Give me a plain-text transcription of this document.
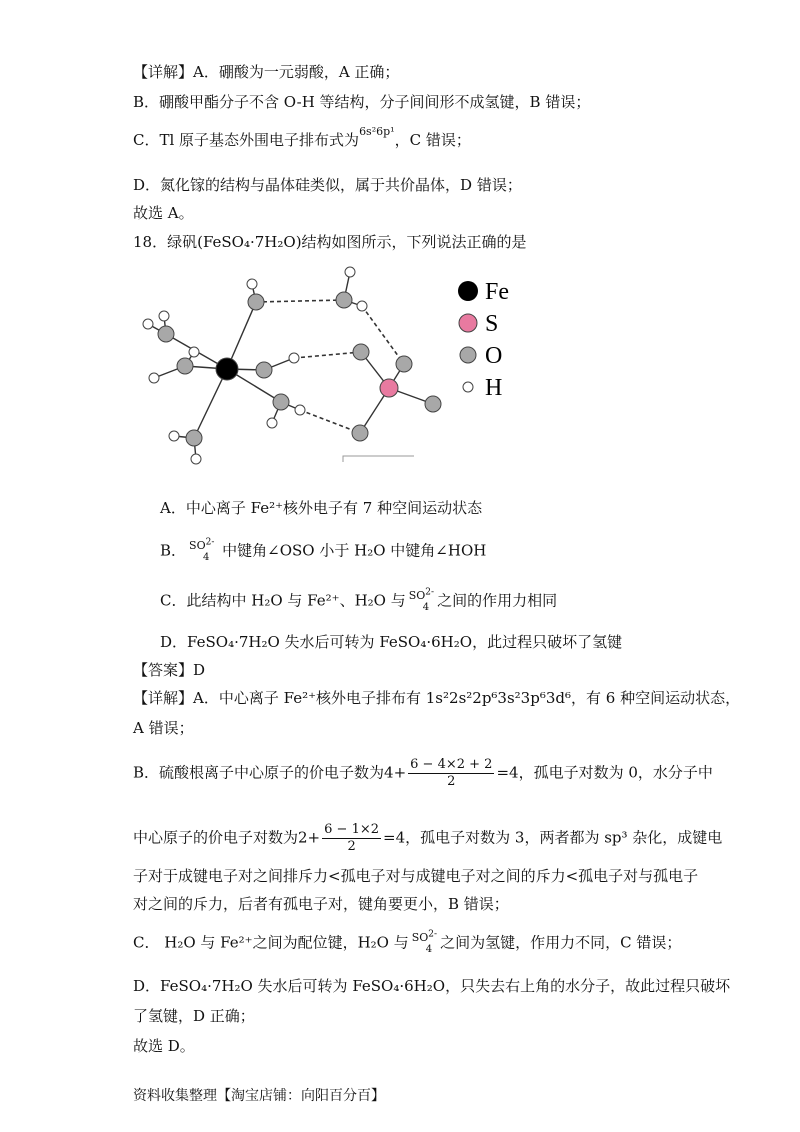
【详解】A．硼酸为一元弱酸，A 正确；
B．硼酸甲酯分子不含 O-H 等结构，分子间间形不成氢键，B 错误；
C．Tl 原子基态外围电子排布式为$^{6s^26p^1}$，C 错误；
D．氮化镓的结构与晶体硅类似，属于共价晶体，D 错误；
故选 A。
18．绿矾(FeSO₄·7H₂O)结构如图所示，下列说法正确的是
Fe
S
O
H
A．中心离子 Fe²⁺核外电子有 7 种空间运动状态
B． $SO^{2-}$
4 中键角∠OSO 小于 H₂O 中键角∠HOH
C．此结构中 H₂O 与 Fe²⁺、H₂O 与 $SO^{2-}$
4 之间的作用力相同
D．FeSO₄·7H₂O 失水后可转为 FeSO₄·6H₂O，此过程只破坏了氢键
【答案】D
【详解】A．中心离子 Fe²⁺核外电子排布有 1s²2s²2p⁶3s²3p⁶3d⁶，有 6 种空间运动状态，
A 错误；
B．硫酸根离子中心原子的价电子数为$4+ \frac{6 - 4\times 2 + 2}{2} =4$，孤电子对数为 0，水分子中
中心原子的价电子对数为$2+ \frac{6 - 1\times 2}{2} =4$，孤电子对数为 3，两者都为 sp³ 杂化，成键电
子对于成键电子对之间排斥力<孤电子对与成键电子对之间的斥力<孤电子对与孤电子
对之间的斥力，后者有孤电子对，键角要更小，B 错误；
C． H₂O 与 Fe²⁺之间为配位键，H₂O 与 $SO^{2-}$
4 之间为氢键，作用力不同，C 错误；
D．FeSO₄·7H₂O 失水后可转为 FeSO₄·6H₂O，只失去右上角的水分子，故此过程只破坏
了氢键，D 正确；
故选 D。
资料收集整理【淘宝店铺：向阳百分百】
